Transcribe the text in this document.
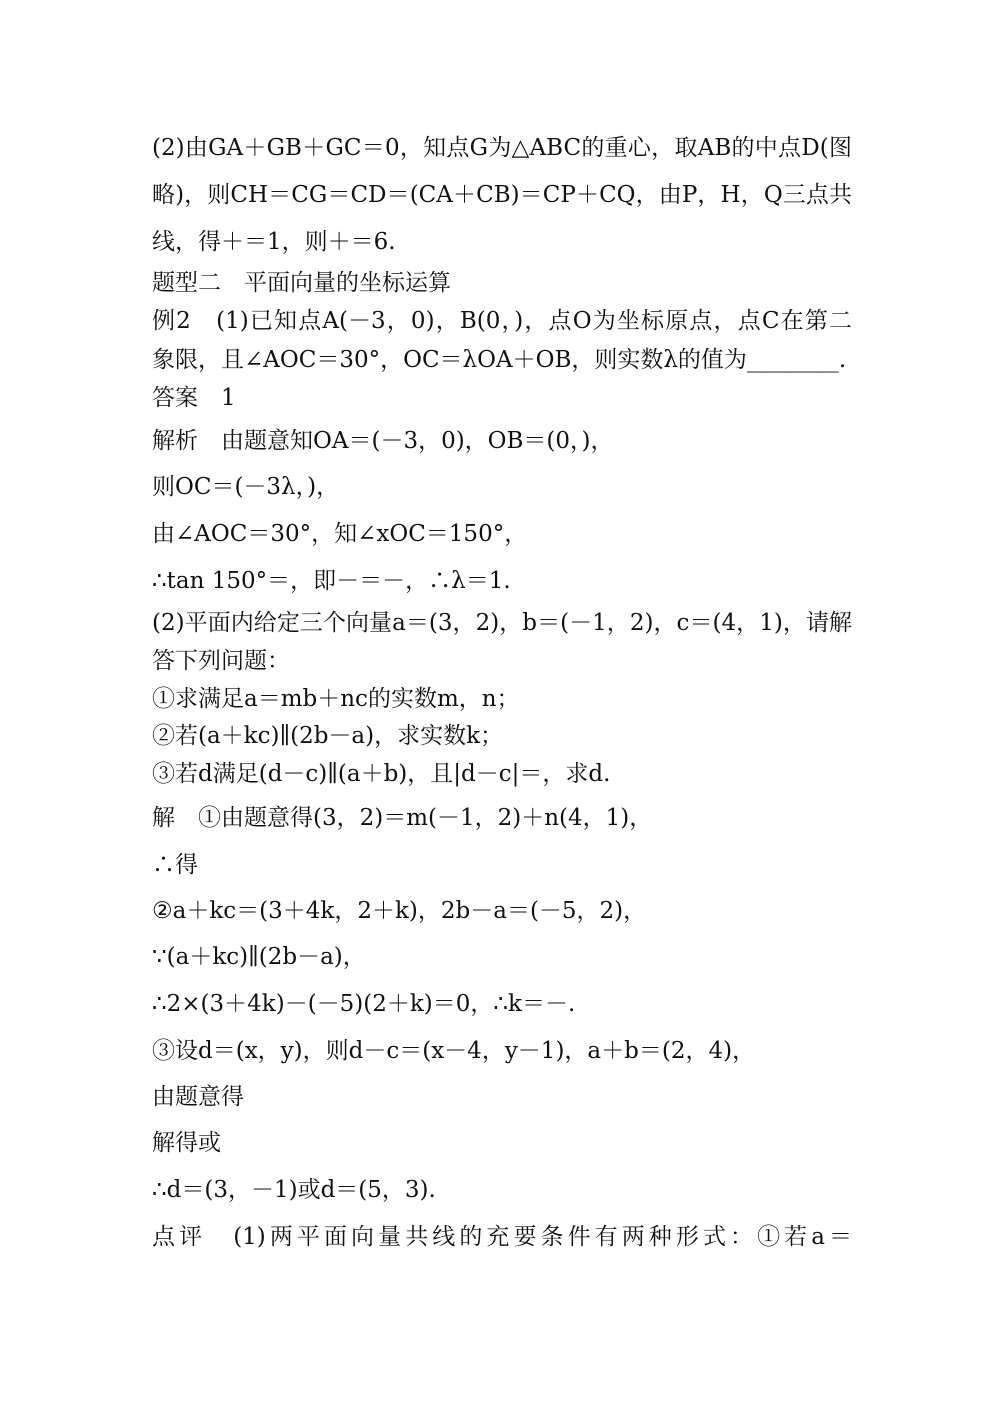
(2)由GA＋GB＋GC＝0，知点G为△ABC的重心，取AB的中点D(图
略)，则CH＝CG＝CD＝(CA＋CB)＝CP＋CQ，由P，H，Q三点共
线，得＋＝1，则＋＝6.
题型二　平面向量的坐标运算
例2　(1)已知点A(－3，0)，B(0，)，点O为坐标原点，点C在第二
象限，且∠AOC＝30°，OC＝λOA＋OB，则实数λ的值为________.
答案　1
解析　由题意知OA＝(－3，0)，OB＝(0，)，
则OC＝(－3λ，)，
由∠AOC＝30°，知∠xOC＝150°，
∴tan 150°＝，即－＝－，∴λ＝1.
(2)平面内给定三个向量a＝(3，2)，b＝(－1，2)，c＝(4，1)，请解
答下列问题：
①求满足a＝mb＋nc的实数m，n；
②若(a＋kc)∥(2b－a)，求实数k；
③若d满足(d－c)∥(a＋b)，且|d－c|＝，求d.
解　①由题意得(3，2)＝m(－1，2)＋n(4，1)，
∴得
②a＋kc＝(3＋4k，2＋k)，2b－a＝(－5，2)，
∵(a＋kc)∥(2b－a)，
∴2×(3＋4k)－(－5)(2＋k)＝0，∴k＝－.
③设d＝(x，y)，则d－c＝(x－4，y－1)，a＋b＝(2，4)，
由题意得
解得或
∴d＝(3，－1)或d＝(5，3).
点评　(1)两平面向量共线的充要条件有两种形式：①若a＝
